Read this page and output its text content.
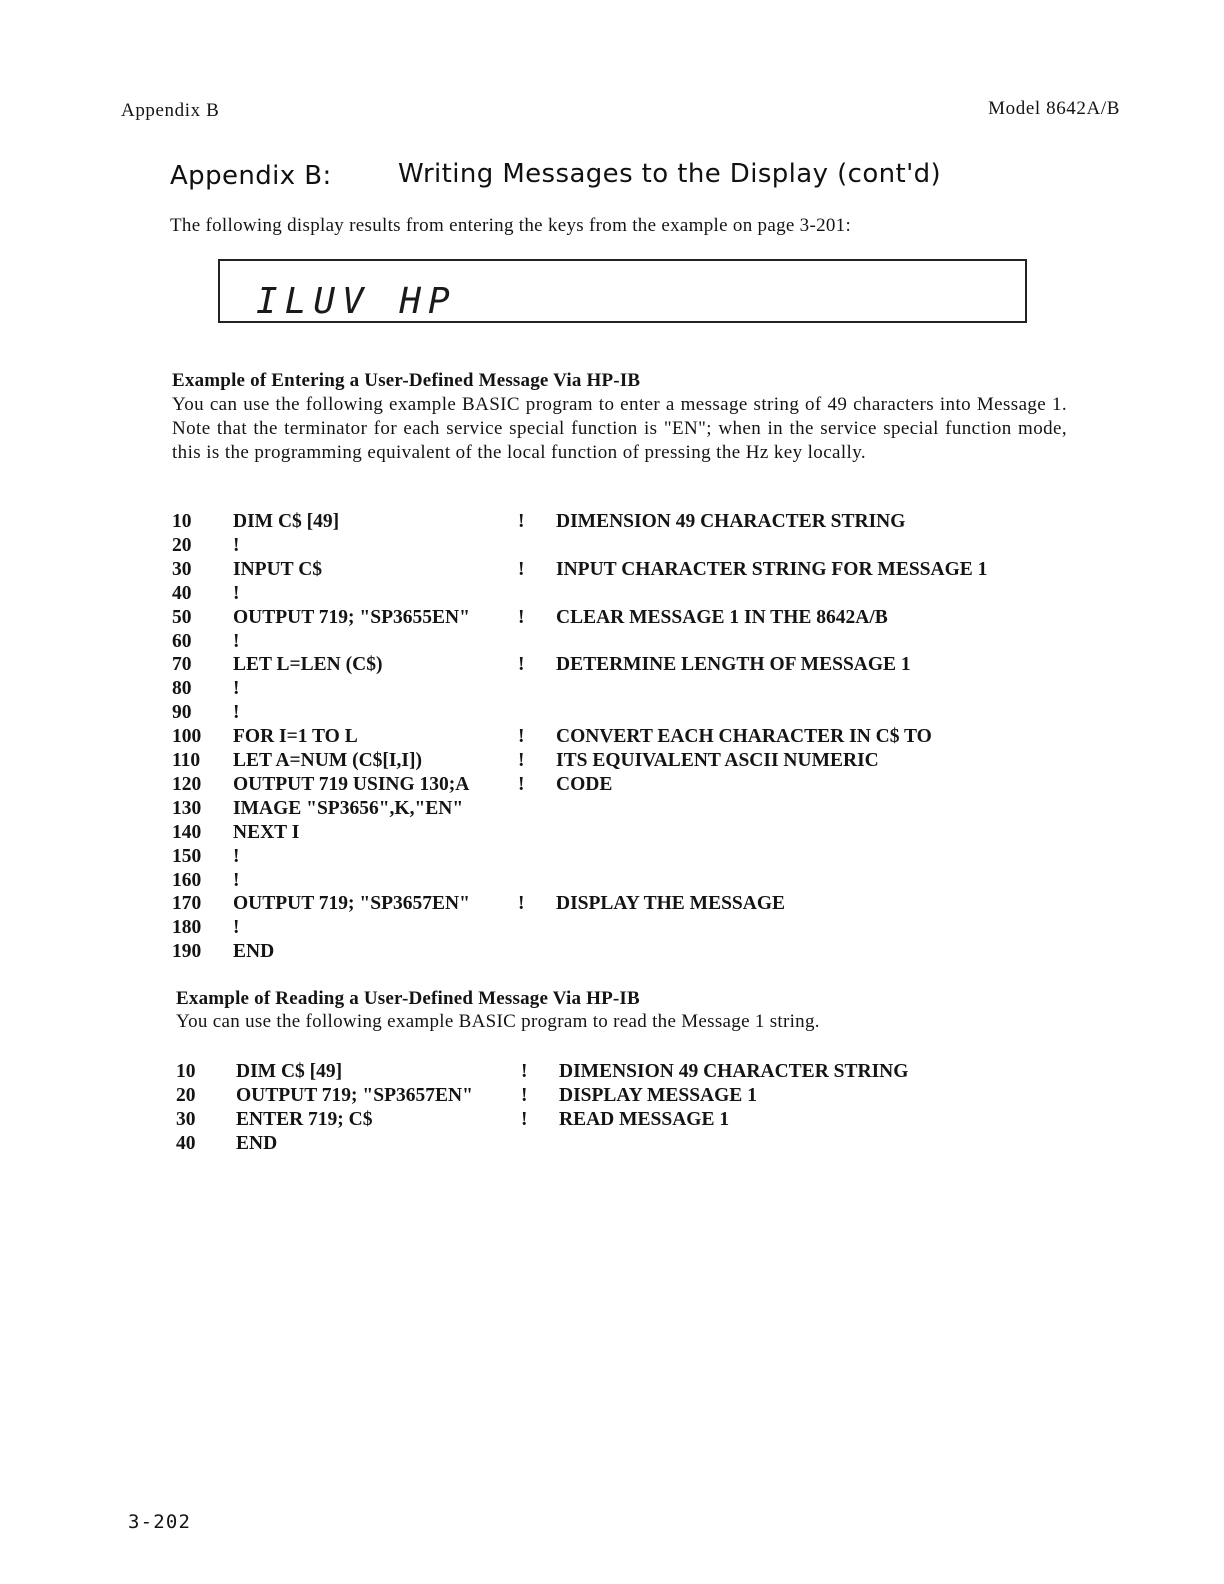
Appendix B	Model 8642A/B
Appendix B:	Writing Messages to the Display (cont'd)
The following display results from entering the keys from the example on page 3-201:
ILUV HP
Example of Entering a User-Defined Message Via HP-IB
You can use the following example BASIC program to enter a message string of 49 characters into Message 1. Note that the terminator for each service special function is "EN"; when in the service special function mode, this is the programming equivalent of the local function of pressing the Hz key locally.
10 DIM C$ [49]	! DIMENSION 49 CHARACTER STRING
20 !
30 INPUT C$	! INPUT CHARACTER STRING FOR MESSAGE 1
40 !
50 OUTPUT 719; "SP3655EN" ! CLEAR MESSAGE 1 IN THE 8642A/B
60 !
70 LET L=LEN (C$)	! DETERMINE LENGTH OF MESSAGE 1
80 !
90 !
100 FOR I=1 TO L	! CONVERT EACH CHARACTER IN C$ TO
110 LET A=NUM (C$[I,I])	! ITS EQUIVALENT ASCII NUMERIC
120 OUTPUT 719 USING 130;A ! CODE
130 IMAGE "SP3656",K,"EN"
140 NEXT I
150 !
160 !
170 OUTPUT 719; "SP3657EN" ! DISPLAY THE MESSAGE
180 !
190 END
Example of Reading a User-Defined Message Via HP-IB
You can use the following example BASIC program to read the Message 1 string.
10 DIM C$ [49]	! DIMENSION 49 CHARACTER STRING
20 OUTPUT 719; "SP3657EN" ! DISPLAY MESSAGE 1
30 ENTER 719; C$	! READ MESSAGE 1
40 END
3-202
